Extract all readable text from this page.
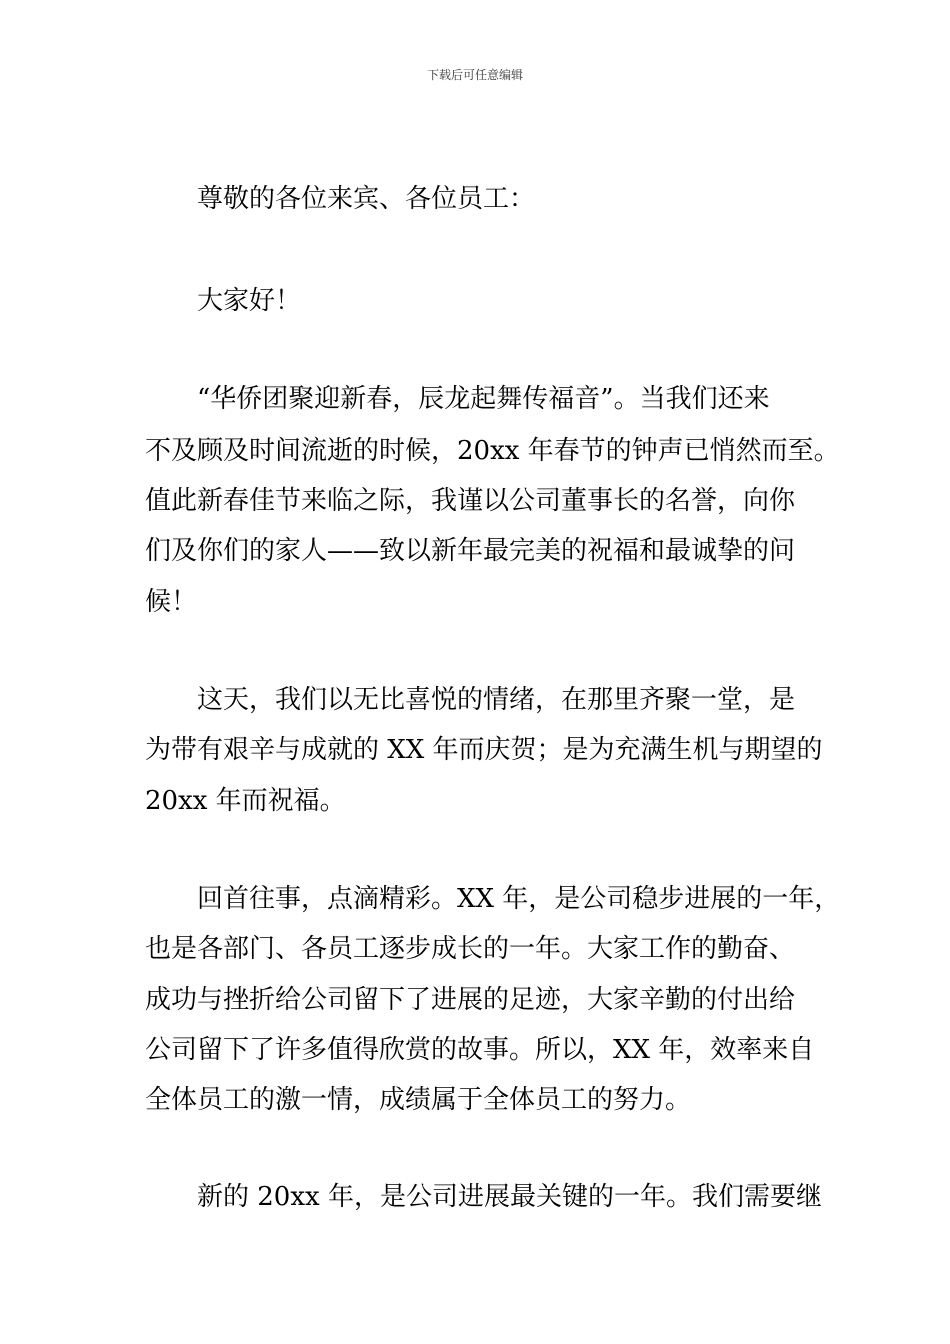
下载后可任意编辑
尊敬的各位来宾、各位员工：
大家好！
“华侨团聚迎新春，辰龙起舞传福音”。当我们还来
不及顾及时间流逝的时候，20xx 年春节的钟声已悄然而至。
值此新春佳节来临之际，我谨以公司董事长的名誉，向你
们及你们的家人——致以新年最完美的祝福和最诚挚的问
候！
这天，我们以无比喜悦的情绪，在那里齐聚一堂，是
为带有艰辛与成就的 XX 年而庆贺；是为充满生机与期望的
20xx 年而祝福。
回首往事，点滴精彩。XX 年，是公司稳步进展的一年，
也是各部门、各员工逐步成长的一年。大家工作的勤奋、
成功与挫折给公司留下了进展的足迹，大家辛勤的付出给
公司留下了许多值得欣赏的故事。所以，XX 年，效率来自
全体员工的激一情，成绩属于全体员工的努力。
新的 20xx 年，是公司进展最关键的一年。我们需要继
